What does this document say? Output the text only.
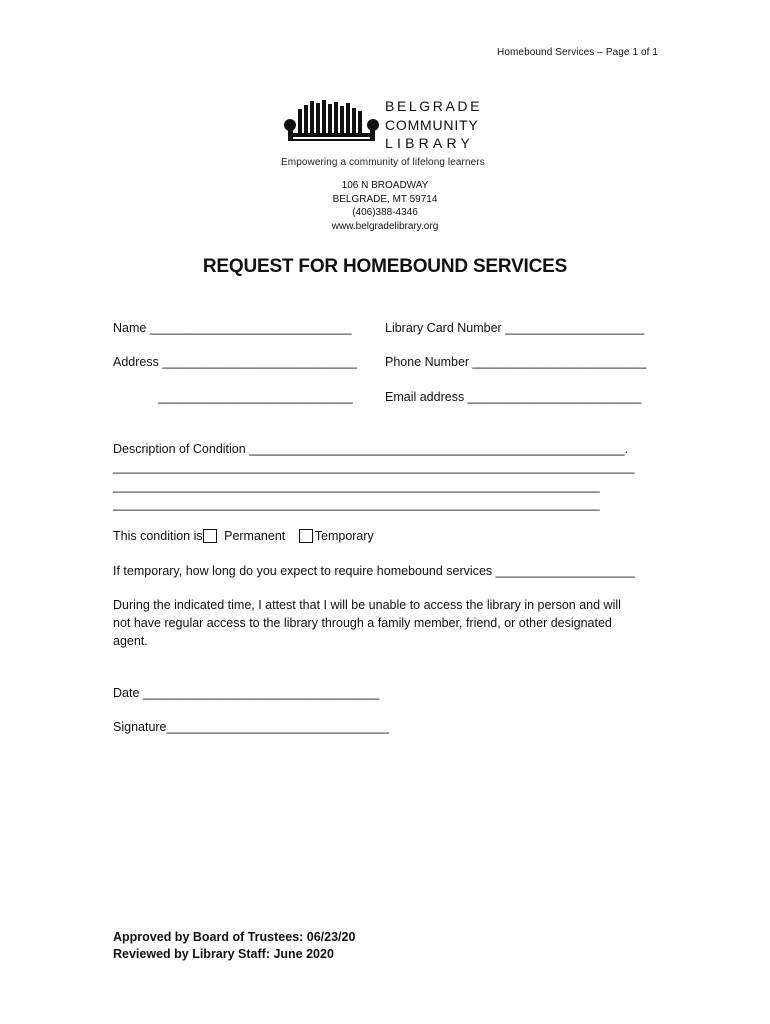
Homebound Services – Page 1 of 1
BELGRADE
COMMUNITY
LIBRARY
Empowering a community of lifelong learners
106 N BROADWAY
BELGRADE, MT 59714
(406)388-4346
www.belgradelibrary.org
REQUEST FOR HOMEBOUND SERVICES
Name _____________________________	Library Card Number ____________________
Address ____________________________ Phone Number _________________________
____________________________	Email address _________________________
Description of Condition ______________________________________________________.
___________________________________________________________________________
______________________________________________________________________
______________________________________________________________________
This condition is Permanent Temporary
If temporary, how long do you expect to require homebound services ____________________
During the indicated time, I attest that I will be unable to access the library in person and will
not have regular access to the library through a family member, friend, or other designated
agent.
Date __________________________________
Signature________________________________
Approved by Board of Trustees: 06/23/20
Reviewed by Library Staff: June 2020
